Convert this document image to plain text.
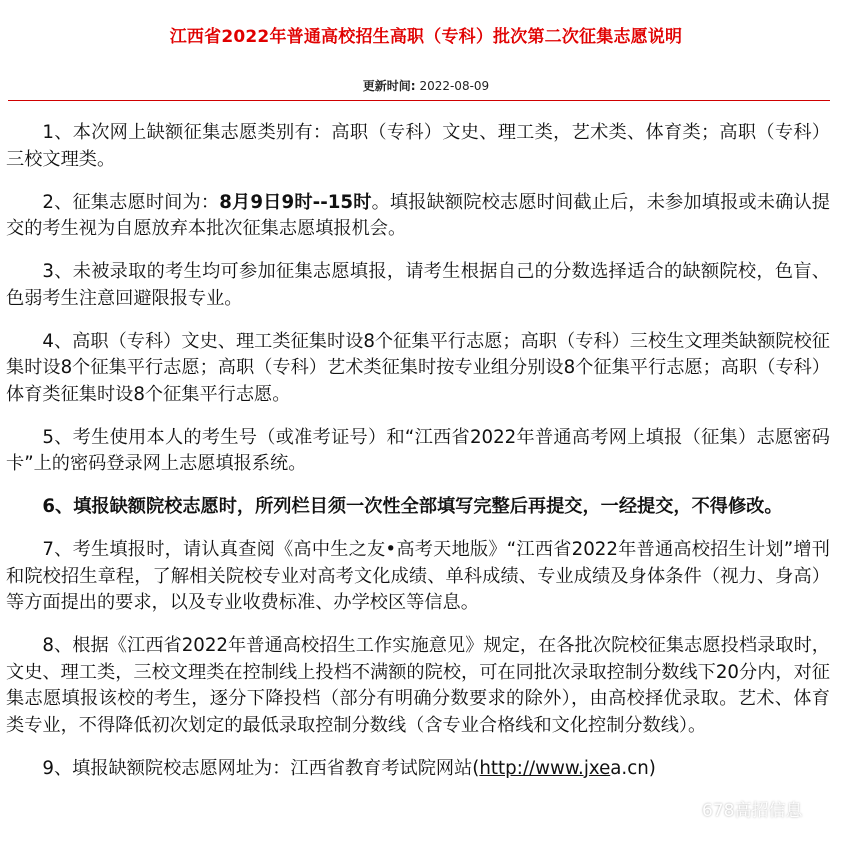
江西省2022年普通高校招生高职（专科）批次第二次征集志愿说明
更新时间: 2022-08-09

1、本次网上缺额征集志愿类别有：高职（专科）文史、理工类，艺术类、体育类；高职（专科）三校文理类。

2、征集志愿时间为：8月9日9时--15时。填报缺额院校志愿时间截止后，未参加填报或未确认提交的考生视为自愿放弃本批次征集志愿填报机会。

3、未被录取的考生均可参加征集志愿填报，请考生根据自己的分数选择适合的缺额院校，色盲、色弱考生注意回避限报专业。

4、高职（专科）文史、理工类征集时设8个征集平行志愿；高职（专科）三校生文理类缺额院校征集时设8个征集平行志愿；高职（专科）艺术类征集时按专业组分别设8个征集平行志愿；高职（专科）体育类征集时设8个征集平行志愿。

5、考生使用本人的考生号（或准考证号）和“江西省2022年普通高考网上填报（征集）志愿密码卡”上的密码登录网上志愿填报系统。

6、填报缺额院校志愿时，所列栏目须一次性全部填写完整后再提交，一经提交，不得修改。

7、考生填报时，请认真查阅《高中生之友•高考天地版》“江西省2022年普通高校招生计划”增刊和院校招生章程，了解相关院校专业对高考文化成绩、单科成绩、专业成绩及身体条件（视力、身高）等方面提出的要求，以及专业收费标准、办学校区等信息。

8、根据《江西省2022年普通高校招生工作实施意见》规定，在各批次院校征集志愿投档录取时，文史、理工类，三校文理类在控制线上投档不满额的院校，可在同批次录取控制分数线下20分内，对征集志愿填报该校的考生，逐分下降投档（部分有明确分数要求的除外），由高校择优录取。艺术、体育类专业，不得降低初次划定的最低录取控制分数线（含专业合格线和文化控制分数线）。

9、填报缺额院校志愿网址为：江西省教育考试院网站(http://www.jxea.cn)

678高招信息
